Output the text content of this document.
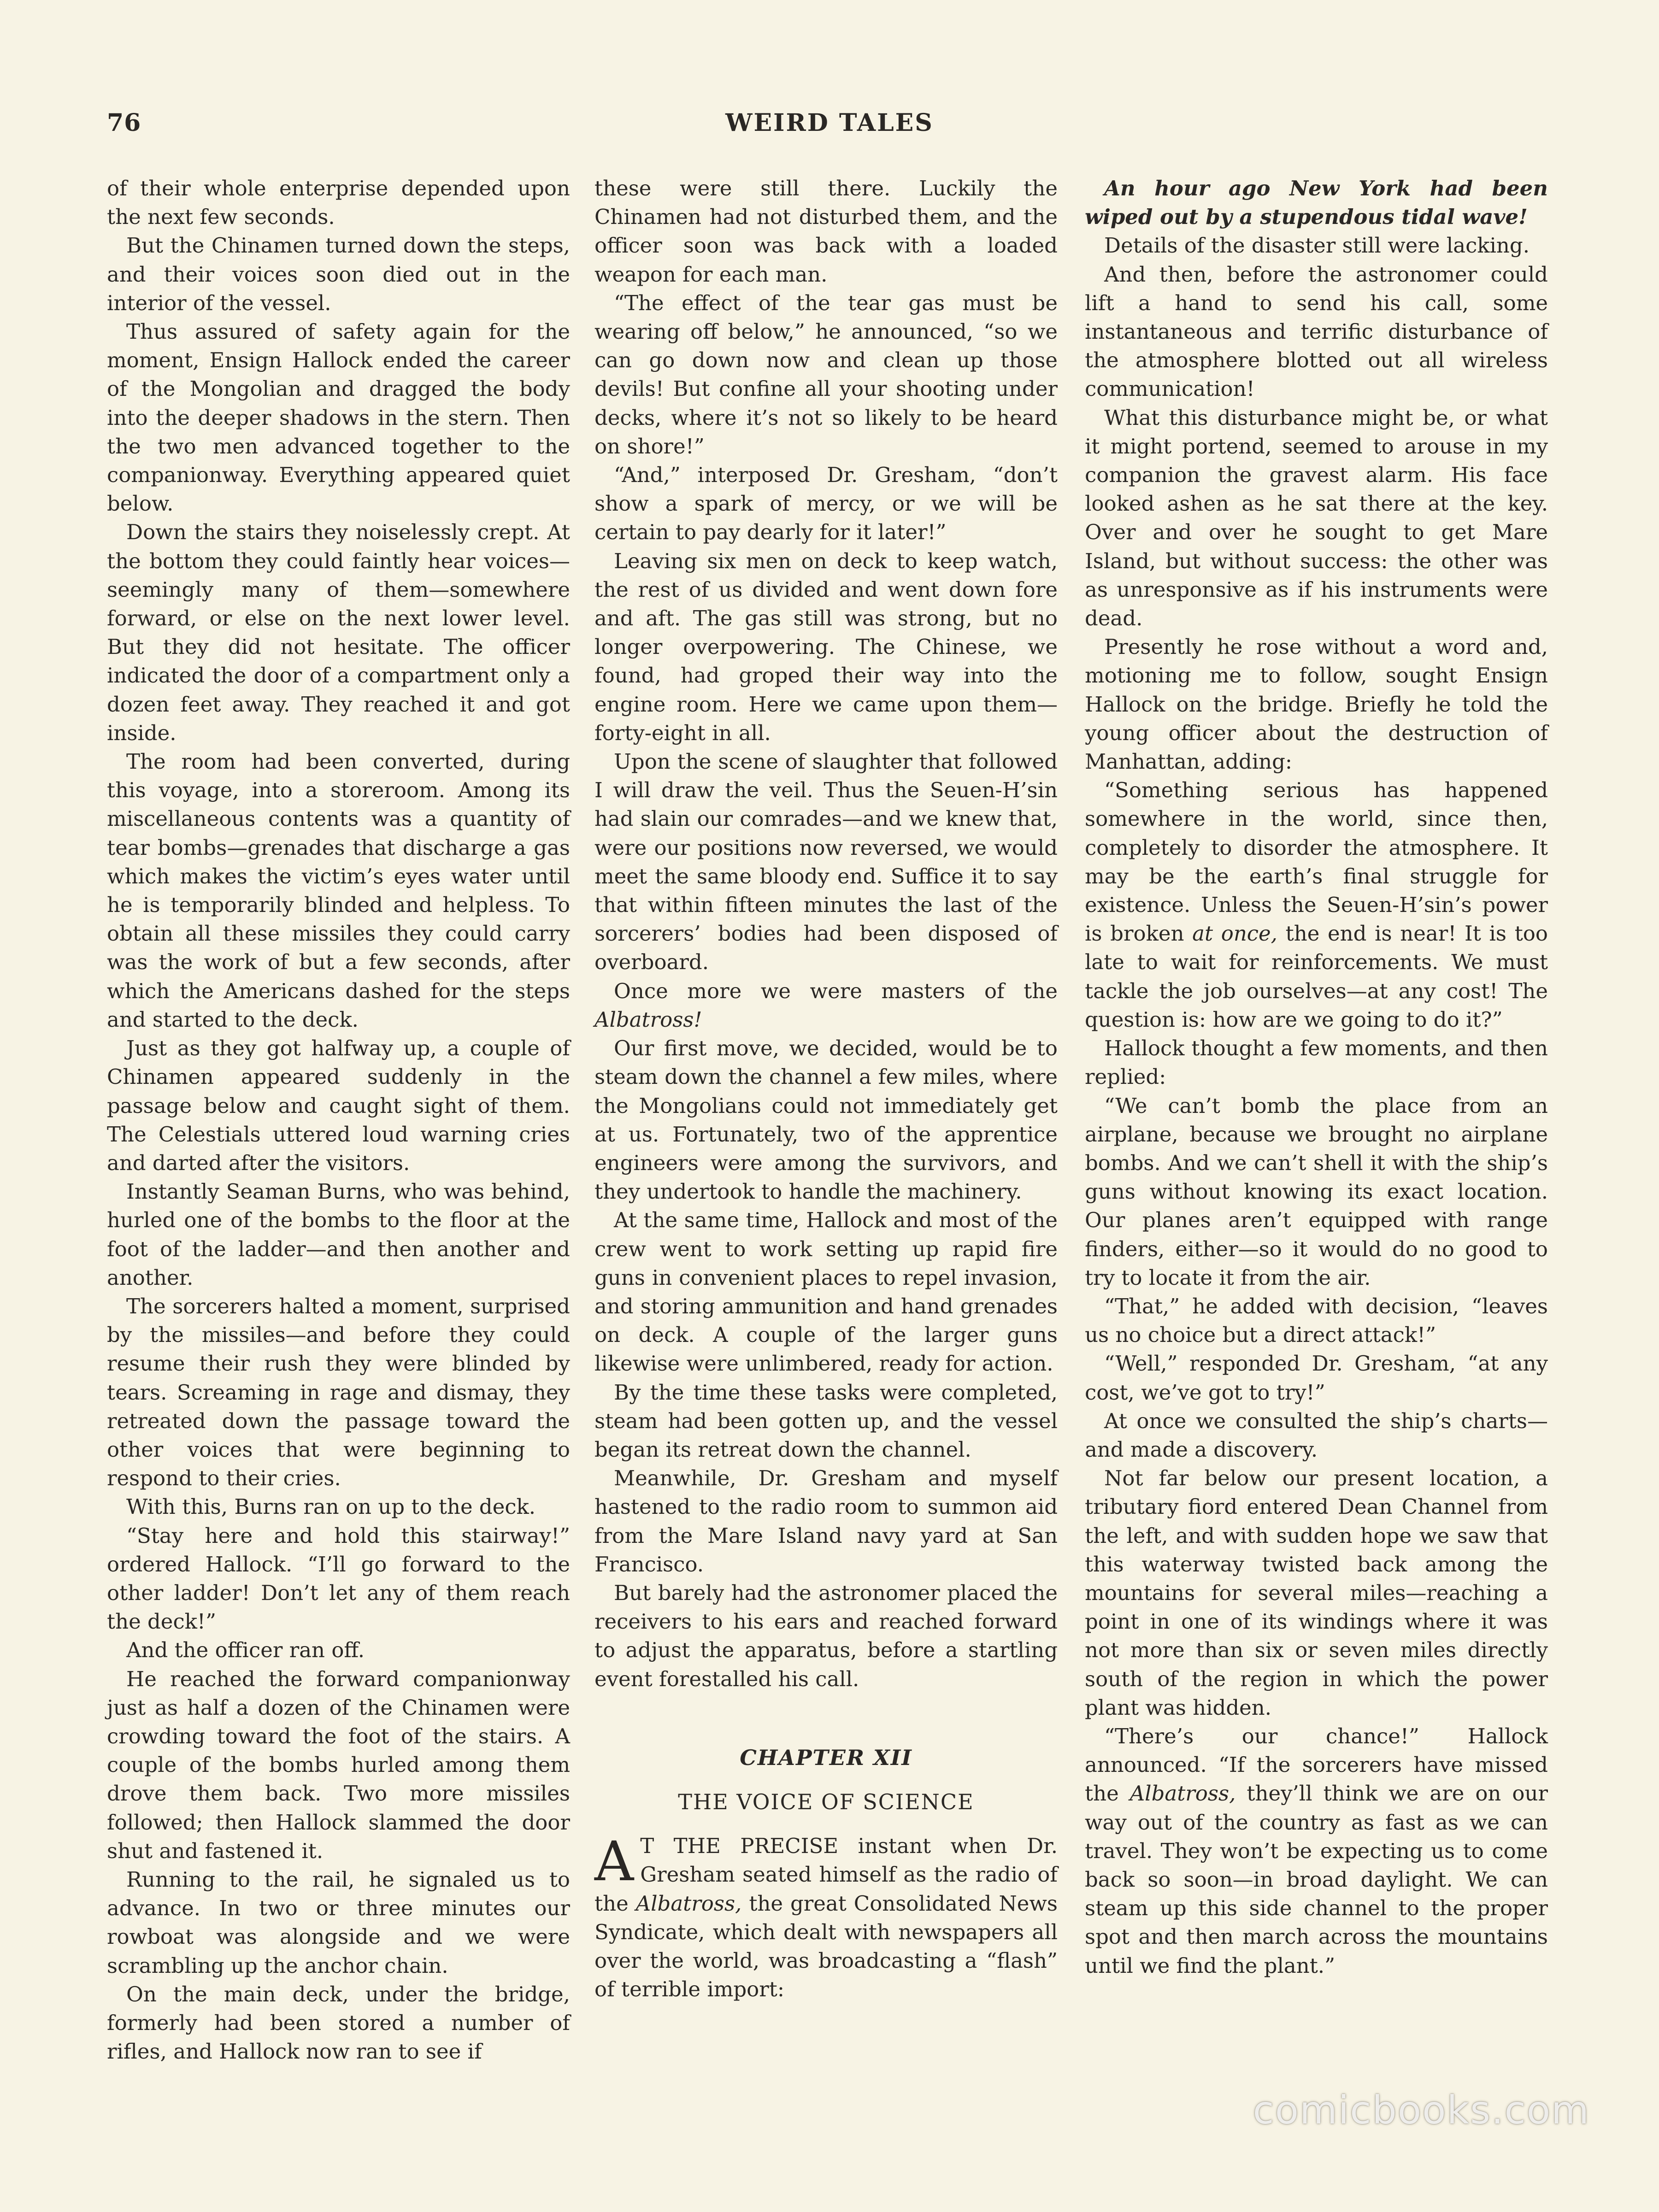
76	WEIRD TALES

of their whole enterprise depended upon the next few seconds.

But the Chinamen turned down the steps, and their voices soon died out in the interior of the vessel.

Thus assured of safety again for the moment, Ensign Hallock ended the career of the Mongolian and dragged the body into the deeper shadows in the stern. Then the two men advanced together to the companionway. Everything appeared quiet below.

Down the stairs they noiselessly crept. At the bottom they could faintly hear voices—seemingly many of them—somewhere forward, or else on the next lower level. But they did not hesitate. The officer indicated the door of a compartment only a dozen feet away. They reached it and got inside.

The room had been converted, during this voyage, into a storeroom. Among its miscellaneous contents was a quantity of tear bombs—grenades that discharge a gas which makes the victim’s eyes water until he is temporarily blinded and helpless. To obtain all these missiles they could carry was the work of but a few seconds, after which the Americans dashed for the steps and started to the deck.

Just as they got halfway up, a couple of Chinamen appeared suddenly in the passage below and caught sight of them. The Celestials uttered loud warning cries and darted after the visitors.

Instantly Seaman Burns, who was behind, hurled one of the bombs to the floor at the foot of the ladder—and then another and another.

The sorcerers halted a moment, surprised by the missiles—and before they could resume their rush they were blinded by tears. Screaming in rage and dismay, they retreated down the passage toward the other voices that were beginning to respond to their cries.

With this, Burns ran on up to the deck.

“Stay here and hold this stairway!” ordered Hallock. “I’ll go forward to the other ladder! Don’t let any of them reach the deck!”

And the officer ran off.

He reached the forward companionway just as half a dozen of the Chinamen were crowding toward the foot of the stairs. A couple of the bombs hurled among them drove them back. Two more missiles followed; then Hallock slammed the door shut and fastened it.

Running to the rail, he signaled us to advance. In two or three minutes our rowboat was alongside and we were scrambling up the anchor chain.

On the main deck, under the bridge, formerly had been stored a number of rifles, and Hallock now ran to see if

these were still there. Luckily the Chinamen had not disturbed them, and the officer soon was back with a loaded weapon for each man.

“The effect of the tear gas must be wearing off below,” he announced, “so we can go down now and clean up those devils! But confine all your shooting under decks, where it’s not so likely to be heard on shore!”

“And,” interposed Dr. Gresham, “don’t show a spark of mercy, or we will be certain to pay dearly for it later!”

Leaving six men on deck to keep watch, the rest of us divided and went down fore and aft. The gas still was strong, but no longer overpowering. The Chinese, we found, had groped their way into the engine room. Here we came upon them—forty-eight in all.

Upon the scene of slaughter that followed I will draw the veil. Thus the Seuen-H’sin had slain our comrades—and we knew that, were our positions now reversed, we would meet the same bloody end. Suffice it to say that within fifteen minutes the last of the sorcerers’ bodies had been disposed of overboard.

Once more we were masters of the Albatross!

Our first move, we decided, would be to steam down the channel a few miles, where the Mongolians could not immediately get at us. Fortunately, two of the apprentice engineers were among the survivors, and they undertook to handle the machinery.

At the same time, Hallock and most of the crew went to work setting up rapid fire guns in convenient places to repel invasion, and storing ammunition and hand grenades on deck. A couple of the larger guns likewise were unlimbered, ready for action.

By the time these tasks were completed, steam had been gotten up, and the vessel began its retreat down the channel.

Meanwhile, Dr. Gresham and myself hastened to the radio room to summon aid from the Mare Island navy yard at San Francisco.

But barely had the astronomer placed the receivers to his ears and reached forward to adjust the apparatus, before a startling event forestalled his call.

CHAPTER XII
THE VOICE OF SCIENCE

A T THE PRECISE instant when Dr. Gresham seated himself as the radio of the Albatross, the great Consolidated News Syndicate, which dealt with newspapers all over the world, was broadcasting a “flash” of terrible import:

An hour ago New York had been wiped out by a stupendous tidal wave!

Details of the disaster still were lacking.

And then, before the astronomer could lift a hand to send his call, some instantaneous and terrific disturbance of the atmosphere blotted out all wireless communication!

What this disturbance might be, or what it might portend, seemed to arouse in my companion the gravest alarm. His face looked ashen as he sat there at the key. Over and over he sought to get Mare Island, but without success: the other was as unresponsive as if his instruments were dead.

Presently he rose without a word and, motioning me to follow, sought Ensign Hallock on the bridge. Briefly he told the young officer about the destruction of Manhattan, adding:

“Something serious has happened somewhere in the world, since then, completely to disorder the atmosphere. It may be the earth’s final struggle for existence. Unless the Seuen-H’sin’s power is broken at once, the end is near! It is too late to wait for reinforcements. We must tackle the job ourselves—at any cost! The question is: how are we going to do it?”

Hallock thought a few moments, and then replied:

“We can’t bomb the place from an airplane, because we brought no airplane bombs. And we can’t shell it with the ship’s guns without knowing its exact location. Our planes aren’t equipped with range finders, either—so it would do no good to try to locate it from the air.

“That,” he added with decision, “leaves us no choice but a direct attack!”

“Well,” responded Dr. Gresham, “at any cost, we’ve got to try!”

At once we consulted the ship’s charts—and made a discovery.

Not far below our present location, a tributary fiord entered Dean Channel from the left, and with sudden hope we saw that this waterway twisted back among the mountains for several miles—reaching a point in one of its windings where it was not more than six or seven miles directly south of the region in which the power plant was hidden.

“There’s our chance!” Hallock announced. “If the sorcerers have missed the Albatross, they’ll think we are on our way out of the country as fast as we can travel. They won’t be expecting us to come back so soon—in broad daylight. We can steam up this side channel to the proper spot and then march across the mountains until we find the plant.”

comicbooks.com
